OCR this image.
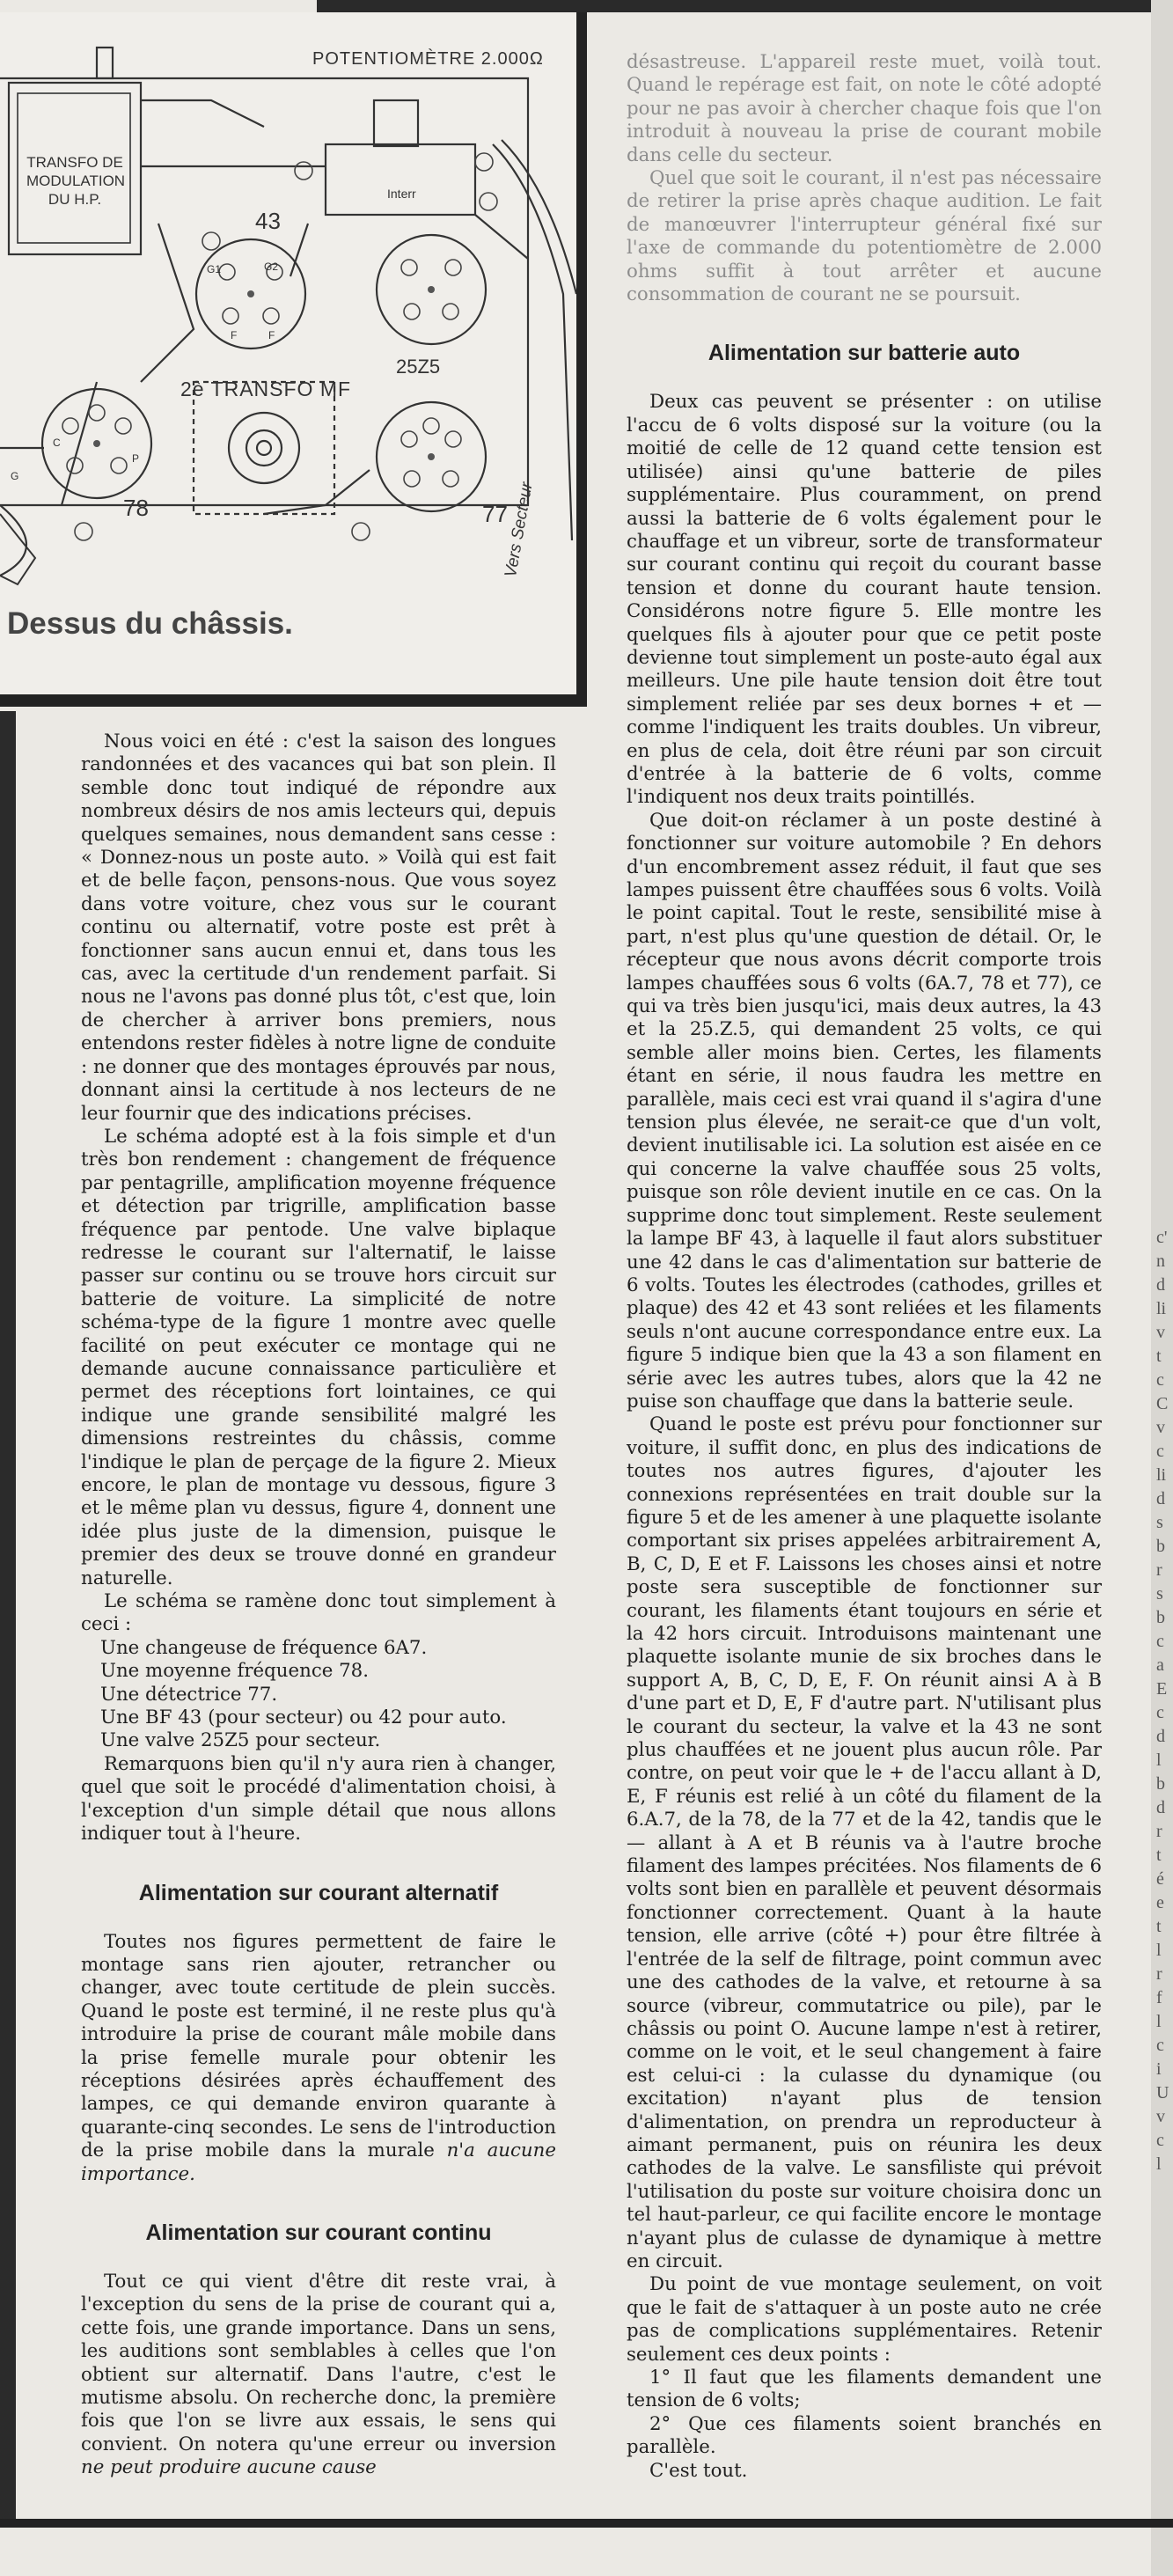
c'
n
d
li
v
t
c
C
v
c
li
d
s
b
r
s
b
c
a
E
c
d
l
b
d
r
t
é
e
t
l
r
f
l
c
i
U
v
c
l
POTENTIOMÈTRE 2.000Ω
TRANSFO DE
MODULATION
DU H.P.
43
25Z5
78	77
2è TRANSFO MF
Interr
Vers Secteur
G1	G2
C
P
F	F
G
Dessus du châssis.

désastreuse. L'appareil reste muet, voilà tout. Quand le repérage est fait, on note le côté adopté pour ne pas avoir à chercher chaque fois que l'on introduit à nouveau la prise de courant mobile dans celle du secteur.

Quel que soit le courant, il n'est pas nécessaire de retirer la prise après chaque audition. Le fait de manœuvrer l'interrupteur général fixé sur l'axe de commande du potentiomètre de 2.000 ohms suffit à tout arrêter et aucune consommation de courant ne se poursuit.

Alimentation sur batterie auto

Deux cas peuvent se présenter : on utilise l'accu de 6 volts disposé sur la voiture (ou la moitié de celle de 12 quand cette tension est utilisée) ainsi qu'une batterie de piles supplémentaire. Plus couramment, on prend aussi la batterie de 6 volts également pour le chauffage et un vibreur, sorte de transformateur sur courant continu qui reçoit du courant basse tension et donne du courant haute tension. Considérons notre figure 5. Elle montre les quelques fils à ajouter pour que ce petit poste devienne tout simplement un poste-auto égal aux meilleurs. Une pile haute tension doit être tout simplement reliée par ses deux bornes + et — comme l'indiquent les traits doubles. Un vibreur, en plus de cela, doit être réuni par son circuit d'entrée à la batterie de 6 volts, comme l'indiquent nos deux traits pointillés.

Que doit-on réclamer à un poste destiné à fonctionner sur voiture automobile ? En dehors d'un encombrement assez réduit, il faut que ses lampes puissent être chauffées sous 6 volts. Voilà le point capital. Tout le reste, sensibilité mise à part, n'est plus qu'une question de détail. Or, le récepteur que nous avons décrit comporte trois lampes chauffées sous 6 volts (6A.7, 78 et 77), ce qui va très bien jusqu'ici, mais deux autres, la 43 et la 25.Z.5, qui demandent 25 volts, ce qui semble aller moins bien. Certes, les filaments étant en série, il nous faudra les mettre en parallèle, mais ceci est vrai quand il s'agira d'une tension plus élevée, ne serait-ce que d'un volt, devient inutilisable ici. La solution est aisée en ce qui concerne la valve chauffée sous 25 volts, puisque son rôle devient inutile en ce cas. On la supprime donc tout simplement. Reste seulement la lampe BF 43, à laquelle il faut alors substituer une 42 dans le cas d'alimentation sur batterie de 6 volts. Toutes les électrodes (cathodes, grilles et plaque) des 42 et 43 sont reliées et les filaments seuls n'ont aucune correspondance entre eux. La figure 5 indique bien que la 43 a son filament en série avec les autres tubes, alors que la 42 ne puise son chauffage que dans la batterie seule.

Quand le poste est prévu pour fonctionner sur voiture, il suffit donc, en plus des indications de toutes nos autres figures, d'ajouter les connexions représentées en trait double sur la figure 5 et de les amener à une plaquette isolante comportant six prises appelées arbitrairement A, B, C, D, E et F. Laissons les choses ainsi et notre poste sera susceptible de fonctionner sur courant, les filaments étant toujours en série et la 42 hors circuit. Introduisons maintenant une plaquette isolante munie de six broches dans le support A, B, C, D, E, F. On réunit ainsi A à B d'une part et D, E, F d'autre part. N'utilisant plus le courant du secteur, la valve et la 43 ne sont plus chauffées et ne jouent plus aucun rôle. Par contre, on peut voir que le + de l'accu allant à D, E, F réunis est relié à un côté du filament de la 6.A.7, de la 78, de la 77 et de la 42, tandis que le — allant à A et B réunis va à l'autre broche filament des lampes précitées. Nos filaments de 6 volts sont bien en parallèle et peuvent désormais fonctionner correctement. Quant à la haute tension, elle arrive (côté +) pour être filtrée à l'entrée de la self de filtrage, point commun avec une des cathodes de la valve, et retourne à sa source (vibreur, commutatrice ou pile), par le châssis ou point O. Aucune lampe n'est à retirer, comme on le voit, et le seul changement à faire est celui-ci : la culasse du dynamique (ou excitation) n'ayant plus de tension d'alimentation, on prendra un reproducteur à aimant permanent, puis on réunira les deux cathodes de la valve. Le sansfiliste qui prévoit l'utilisation du poste sur voiture choisira donc un tel haut-parleur, ce qui facilite encore le montage n'ayant plus de culasse de dynamique à mettre en circuit.

Du point de vue montage seulement, on voit que le fait de s'attaquer à un poste auto ne crée pas de complications supplémentaires. Retenir seulement ces deux points :

1° Il faut que les filaments demandent une tension de 6 volts;

2° Que ces filaments soient branchés en parallèle.

C'est tout.

Nous voici en été : c'est la saison des longues randonnées et des vacances qui bat son plein. Il semble donc tout indiqué de répondre aux nombreux désirs de nos amis lecteurs qui, depuis quelques semaines, nous demandent sans cesse : « Donnez-nous un poste auto. » Voilà qui est fait et de belle façon, pensons-nous. Que vous soyez dans votre voiture, chez vous sur le courant continu ou alternatif, votre poste est prêt à fonctionner sans aucun ennui et, dans tous les cas, avec la certitude d'un rendement parfait. Si nous ne l'avons pas donné plus tôt, c'est que, loin de chercher à arriver bons premiers, nous entendons rester fidèles à notre ligne de conduite : ne donner que des montages éprouvés par nous, donnant ainsi la certitude à nos lecteurs de ne leur fournir que des indications précises.

Le schéma adopté est à la fois simple et d'un très bon rendement : changement de fréquence par pentagrille, amplification moyenne fréquence et détection par trigrille, amplification basse fréquence par pentode. Une valve biplaque redresse le courant sur l'alternatif, le laisse passer sur continu ou se trouve hors circuit sur batterie de voiture. La simplicité de notre schéma-type de la figure 1 montre avec quelle facilité on peut exécuter ce montage qui ne demande aucune connaissance particulière et permet des réceptions fort lointaines, ce qui indique une grande sensibilité malgré les dimensions restreintes du châssis, comme l'indique le plan de perçage de la figure 2. Mieux encore, le plan de montage vu dessous, figure 3 et le même plan vu dessus, figure 4, donnent une idée plus juste de la dimension, puisque le premier des deux se trouve donné en grandeur naturelle.

Le schéma se ramène donc tout simplement à ceci :

Une changeuse de fréquence 6A7.

Une moyenne fréquence 78.

Une détectrice 77.

Une BF 43 (pour secteur) ou 42 pour auto.

Une valve 25Z5 pour secteur.

Remarquons bien qu'il n'y aura rien à changer, quel que soit le procédé d'alimentation choisi, à l'exception d'un simple détail que nous allons indiquer tout à l'heure.

Alimentation sur courant alternatif

Toutes nos figures permettent de faire le montage sans rien ajouter, retrancher ou changer, avec toute certitude de plein succès. Quand le poste est terminé, il ne reste plus qu'à introduire la prise de courant mâle mobile dans la prise femelle murale pour obtenir les réceptions désirées après échauffement des lampes, ce qui demande environ quarante à quarante-cinq secondes. Le sens de l'introduction de la prise mobile dans la murale n'a aucune importance.

Alimentation sur courant continu

Tout ce qui vient d'être dit reste vrai, à l'exception du sens de la prise de courant qui a, cette fois, une grande importance. Dans un sens, les auditions sont semblables à celles que l'on obtient sur alternatif. Dans l'autre, c'est le mutisme absolu. On recherche donc, la première fois que l'on se livre aux essais, le sens qui convient. On notera qu'une erreur ou inversion ne peut produire aucune cause
